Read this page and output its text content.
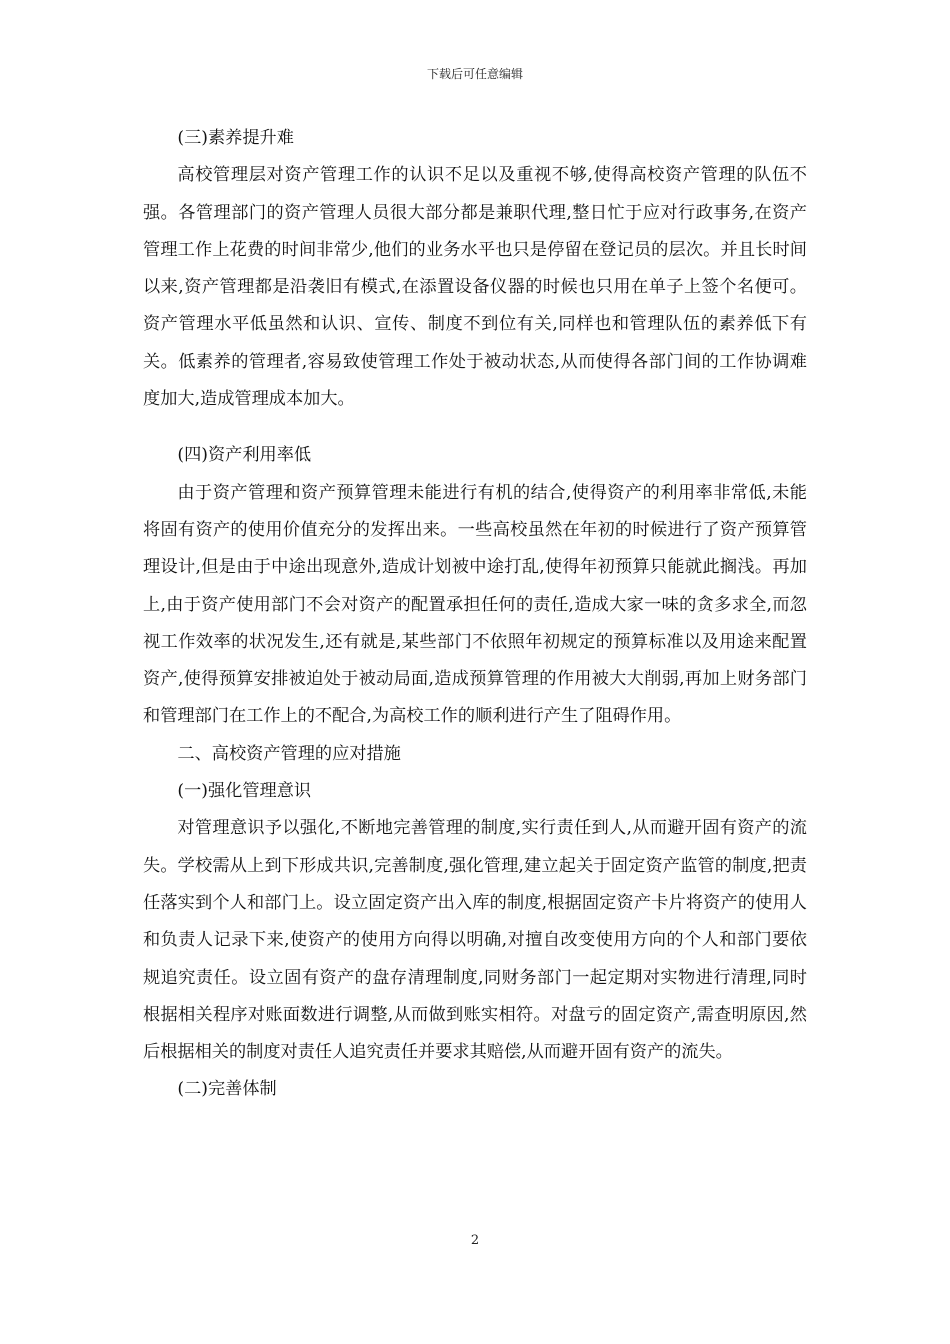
下载后可任意编辑

(三)素养提升难

高校管理层对资产管理工作的认识不足以及重视不够,使得高校资产管理的队伍不强。各管理部门的资产管理人员很大部分都是兼职代理,整日忙于应对行政事务,在资产管理工作上花费的时间非常少,他们的业务水平也只是停留在登记员的层次。并且长时间以来,资产管理都是沿袭旧有模式,在添置设备仪器的时候也只用在单子上签个名便可。资产管理水平低虽然和认识、宣传、制度不到位有关,同样也和管理队伍的素养低下有关。低素养的管理者,容易致使管理工作处于被动状态,从而使得各部门间的工作协调难度加大,造成管理成本加大。

(四)资产利用率低

由于资产管理和资产预算管理未能进行有机的结合,使得资产的利用率非常低,未能将固有资产的使用价值充分的发挥出来。一些高校虽然在年初的时候进行了资产预算管理设计,但是由于中途出现意外,造成计划被中途打乱,使得年初预算只能就此搁浅。再加上,由于资产使用部门不会对资产的配置承担任何的责任,造成大家一味的贪多求全,而忽视工作效率的状况发生,还有就是,某些部门不依照年初规定的预算标准以及用途来配置资产,使得预算安排被迫处于被动局面,造成预算管理的作用被大大削弱,再加上财务部门和管理部门在工作上的不配合,为高校工作的顺利进行产生了阻碍作用。

二、高校资产管理的应对措施

(一)强化管理意识

对管理意识予以强化,不断地完善管理的制度,实行责任到人,从而避开固有资产的流失。学校需从上到下形成共识,完善制度,强化管理,建立起关于固定资产监管的制度,把责任落实到个人和部门上。设立固定资产出入库的制度,根据固定资产卡片将资产的使用人和负责人记录下来,使资产的使用方向得以明确,对擅自改变使用方向的个人和部门要依规追究责任。设立固有资产的盘存清理制度,同财务部门一起定期对实物进行清理,同时根据相关程序对账面数进行调整,从而做到账实相符。对盘亏的固定资产,需查明原因,然后根据相关的制度对责任人追究责任并要求其赔偿,从而避开固有资产的流失。

(二)完善体制

2
